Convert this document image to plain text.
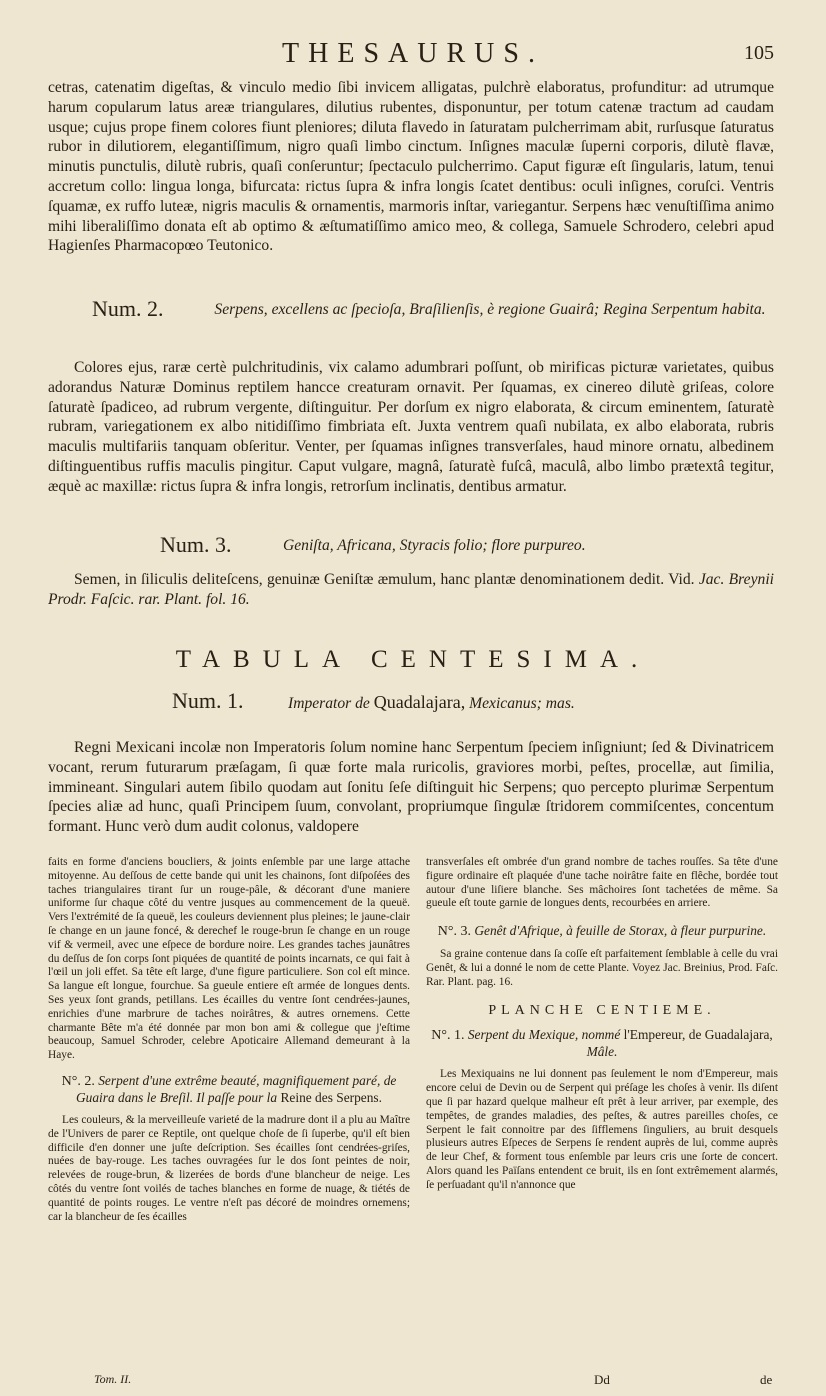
THESAURUS.	105

cetras, catenatim digeſtas, & vinculo medio ſibi invicem alligatas, pulchrè elaboratus, profunditur: ad utrumque harum copularum latus areæ triangulares, dilutius rubentes, disponuntur, per totum catenæ tractum ad caudam usque; cujus prope finem colores fiunt pleniores; diluta flavedo in ſaturatam pulcherrimam abit, rurſusque ſaturatus rubor in dilutiorem, elegantiſſimum, nigro quaſi limbo cinctum. Inſignes maculæ ſuperni corporis, dilutè flavæ, minutis punctulis, dilutè rubris, quaſi conſeruntur; ſpectaculo pulcherrimo. Caput figuræ eſt ſingularis, latum, tenui accretum collo: lingua longa, bifurcata: rictus ſupra & infra longis ſcatet dentibus: oculi inſignes, coruſci. Ventris ſquamæ, ex ruffo luteæ, nigris maculis & ornamentis, marmoris inſtar, variegantur. Serpens hæc venuſtiſſima animo mihi liberaliſſimo donata eſt ab optimo & æſtumatiſſimo amico meo, & collega, Samuele Schrodero, celebri apud Hagienſes Pharmacopœo Teutonico.

Num. 2.	Serpens, excellens ac ſpecioſa, Braſilienſis, è regione Guairâ; Regina Serpentum habita.

Colores ejus, raræ certè pulchritudinis, vix calamo adumbrari poſſunt, ob mirificas picturæ varietates, quibus adorandus Naturæ Dominus reptilem hancce creaturam ornavit. Per ſquamas, ex cinereo dilutè griſeas, colore ſaturatè ſpadiceo, ad rubrum vergente, diſtinguitur. Per dorſum ex nigro elaborata, & circum eminentem, ſaturatè rubram, variegationem ex albo nitidiſſimo fimbriata eſt. Juxta ventrem quaſi nubilata, ex albo elaborata, rubris maculis multifariis tanquam obſeritur. Venter, per ſquamas inſignes transverſales, haud minore ornatu, albedinem diſtinguentibus ruffis maculis pingitur. Caput vulgare, magnâ, ſaturatè fuſcâ, maculâ, albo limbo prætextâ tegitur, æquè ac maxillæ: rictus ſupra & infra longis, retrorſum inclinatis, dentibus armatur.

Num. 3.	Geniſta, Africana, Styracis folio; flore purpureo.

Semen, in ſiliculis deliteſcens, genuinæ Geniſtæ æmulum, hanc plantæ denominationem dedit. Vid. Jac. Breynii Prodr. Faſcic. rar. Plant. fol. 16.

TABULA CENTESIMA.
Num. 1.	Imperator de Quadalajara, Mexicanus; mas.

Regni Mexicani incolæ non Imperatoris ſolum nomine hanc Serpentum ſpeciem inſigniunt; ſed & Divinatricem vocant, rerum futurarum præſagam, ſi quæ forte mala ruricolis, graviores morbi, peſtes, procellæ, aut ſimilia, immineant. Singulari autem ſibilo quodam aut ſonitu ſeſe diſtinguit hic Serpens; quo percepto plurimæ Serpentum ſpecies aliæ ad hunc, quaſi Principem ſuum, convolant, propriumque ſingulæ ſtridorem commiſcentes, concentum formant. Hunc verò dum audit colonus, valdopere

faits en forme d'anciens boucliers, & joints enſemble par une large attache mitoyenne. Au deſſous de cette bande qui unit les chainons, ſont diſpoſées des taches triangulaires tirant ſur un rouge-pâle, & décorant d'une maniere uniforme ſur chaque côté du ventre jusques au commencement de la queuë. Vers l'extrémité de ſa queuë, les couleurs deviennent plus pleines; le jaune-clair ſe change en un jaune foncé, & derechef le rouge-brun ſe change en un rouge vif & vermeil, avec une eſpece de bordure noire. Les grandes taches jaunâtres du deſſus de ſon corps ſont piquées de quantité de points incarnats, ce qui fait à l'œil un joli effet. Sa tête eſt large, d'une figure particuliere. Son col eſt mince. Sa langue eſt longue, fourchue. Sa gueule entiere eſt armée de longues dents. Ses yeux ſont grands, petillans. Les écailles du ventre ſont cendrées-jaunes, enrichies d'une marbrure de taches noirâtres, & autres ornemens. Cette charmante Bête m'a été donnée par mon bon ami & collegue que j'eſtime beaucoup, Samuel Schroder, celebre Apoticaire Allemand demeurant à la Haye.

N°. 2. Serpent d'une extrême beauté, magnifiquement paré, de Guaira dans le Breſil. Il paſſe pour la Reine des Serpens.

Les couleurs, & la merveilleuſe varieté de la madrure dont il a plu au Maître de l'Univers de parer ce Reptile, ont quelque choſe de ſi ſuperbe, qu'il eſt bien difficile d'en donner une juſte deſcription. Ses écailles ſont cendrées-griſes, nuées de bay-rouge. Les taches ouvragées ſur le dos ſont peintes de noir, relevées de rouge-brun, & lizerées de bords d'une blancheur de neige. Les côtés du ventre ſont voilés de taches blanches en forme de nuage, & tiétés de quantité de points rouges. Le ventre n'eſt pas décoré de moindres ornemens; car la blancheur de ſes écailles

Tom. II.

transverſales eſt ombrée d'un grand nombre de taches rouſſes. Sa tête d'une figure ordinaire eſt plaquée d'une tache noirâtre faite en flêche, bordée tout autour d'une liſiere blanche. Ses mâchoires ſont tachetées de même. Sa gueule eſt toute garnie de longues dents, recourbées en arriere.

N°. 3. Genêt d'Afrique, à feuille de Storax, à fleur purpurine.

Sa graine contenue dans ſa coſſe eſt parfaitement ſemblable à celle du vrai Genêt, & lui a donné le nom de cette Plante. Voyez Jac. Breinius, Prod. Faſc. Rar. Plant. pag. 16.

PLANCHE CENTIEME.
N°. 1. Serpent du Mexique, nommé l'Empereur, de Guadalajara, Mâle.

Les Mexiquains ne lui donnent pas ſeulement le nom d'Empereur, mais encore celui de Devin ou de Serpent qui préſage les choſes à venir. Ils diſent que ſi par hazard quelque malheur eſt prêt à leur arriver, par exemple, des tempêtes, de grandes maladies, des peſtes, & autres pareilles choſes, ce Serpent le fait connoitre par des ſifflemens ſinguliers, au bruit desquels plusieurs autres Eſpeces de Serpens ſe rendent auprès de lui, comme auprès de leur Chef, & forment tous enſemble par leurs cris une ſorte de concert. Alors quand les Païſans entendent ce bruit, ils en ſont extrêmement alarmés, ſe perſuadant qu'il n'annonce que

Dd	de
